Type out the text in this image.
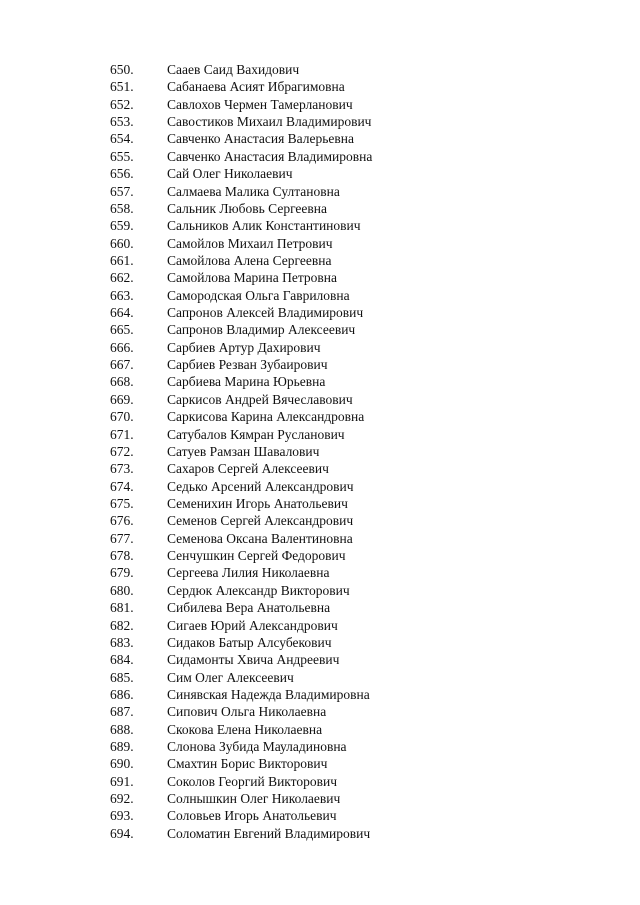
650. Саaев Саид Вахидович
651. Сабанаева Асият Ибрагимовна
652. Савлохов Чермен Тамерланович
653. Савостиков Михаил Владимирович
654. Савченко Анастасия Валерьевна
655. Савченко Анастасия Владимировна
656. Сай Олег Николаевич
657. Салмаева Малика Султановна
658. Сальник Любовь Сергеевна
659. Сальников Алик Константинович
660. Самойлов Михаил Петрович
661. Самойлова Алена Сергеевна
662. Самойлова Марина Петровна
663. Самородская Ольга Гавриловна
664. Сапронов Алексей Владимирович
665. Сапронов Владимир Алексеевич
666. Сарбиев Артур Дахирович
667. Сарбиев Резван Зубаирович
668. Сарбиева Марина Юрьевна
669. Саркисов Андрей Вячеславович
670. Саркисова Карина Александровна
671. Сатубалов Кямран Русланович
672. Сатуев Рамзан Шавалович
673. Сахаров Сергей Алексеевич
674. Седько Арсений Александрович
675. Семенихин Игорь Анатольевич
676. Семенов Сергей Александрович
677. Семенова Оксана Валентиновна
678. Сенчушкин Сергей Федорович
679. Сергеева Лилия Николаевна
680. Сердюк Александр Викторович
681. Сибилева Вера Анатольевна
682. Сигаев Юрий Александрович
683. Сидаков Батыр Алсубекович
684. Сидамонты Хвича Андреевич
685. Сим Олег Алексеевич
686. Синявская Надежда Владимировна
687. Сипович Ольга Николаевна
688. Скокова Елена Николаевна
689. Слонова Зубида Мауладиновна
690. Смахтин Борис Викторович
691. Соколов Георгий Викторович
692. Солнышкин Олег Николаевич
693. Соловьев Игорь Анатольевич
694. Соломатин Евгений Владимирович
